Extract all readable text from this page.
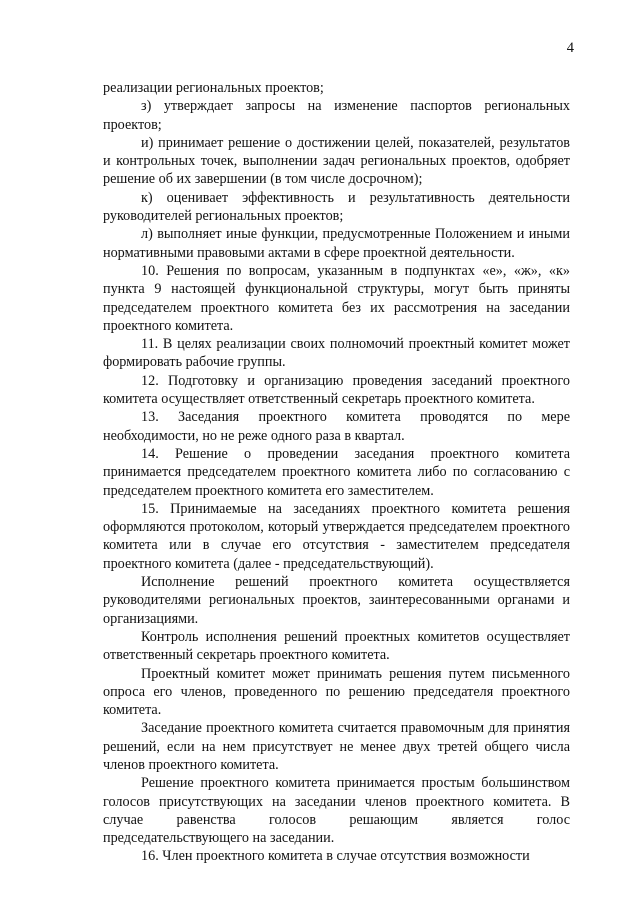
4

реализации региональных проектов;

з) утверждает запросы на изменение паспортов региональных проектов;

и) принимает решение о достижении целей, показателей, результатов и контрольных точек, выполнении задач региональных проектов, одобряет решение об их завершении (в том числе досрочном);

к) оценивает эффективность и результативность деятельности руководителей региональных проектов;

л) выполняет иные функции, предусмотренные Положением и иными нормативными правовыми актами в сфере проектной деятельности.

10. Решения по вопросам, указанным в подпунктах «е», «ж», «к» пункта 9 настоящей функциональной структуры, могут быть приняты председателем проектного комитета без их рассмотрения на заседании проектного комитета.

11. В целях реализации своих полномочий проектный комитет может формировать рабочие группы.

12. Подготовку и организацию проведения заседаний проектного комитета осуществляет ответственный секретарь проектного комитета.

13. Заседания проектного комитета проводятся по мере необходимости, но не реже одного раза в квартал.

14. Решение о проведении заседания проектного комитета принимается председателем проектного комитета либо по согласованию с председателем проектного комитета его заместителем.

15. Принимаемые на заседаниях проектного комитета решения оформляются протоколом, который утверждается председателем проектного комитета или в случае его отсутствия - заместителем председателя проектного комитета (далее - председательствующий).

Исполнение решений проектного комитета осуществляется руководителями региональных проектов, заинтересованными органами и организациями.

Контроль исполнения решений проектных комитетов осуществляет ответственный секретарь проектного комитета.

Проектный комитет может принимать решения путем письменного опроса его членов, проведенного по решению председателя проектного комитета.

Заседание проектного комитета считается правомочным для принятия решений, если на нем присутствует не менее двух третей общего числа членов проектного комитета.

Решение проектного комитета принимается простым большинством голосов присутствующих на заседании членов проектного комитета. В случае равенства голосов решающим является голос председательствующего на заседании.

16. Член проектного комитета в случае отсутствия возможности
